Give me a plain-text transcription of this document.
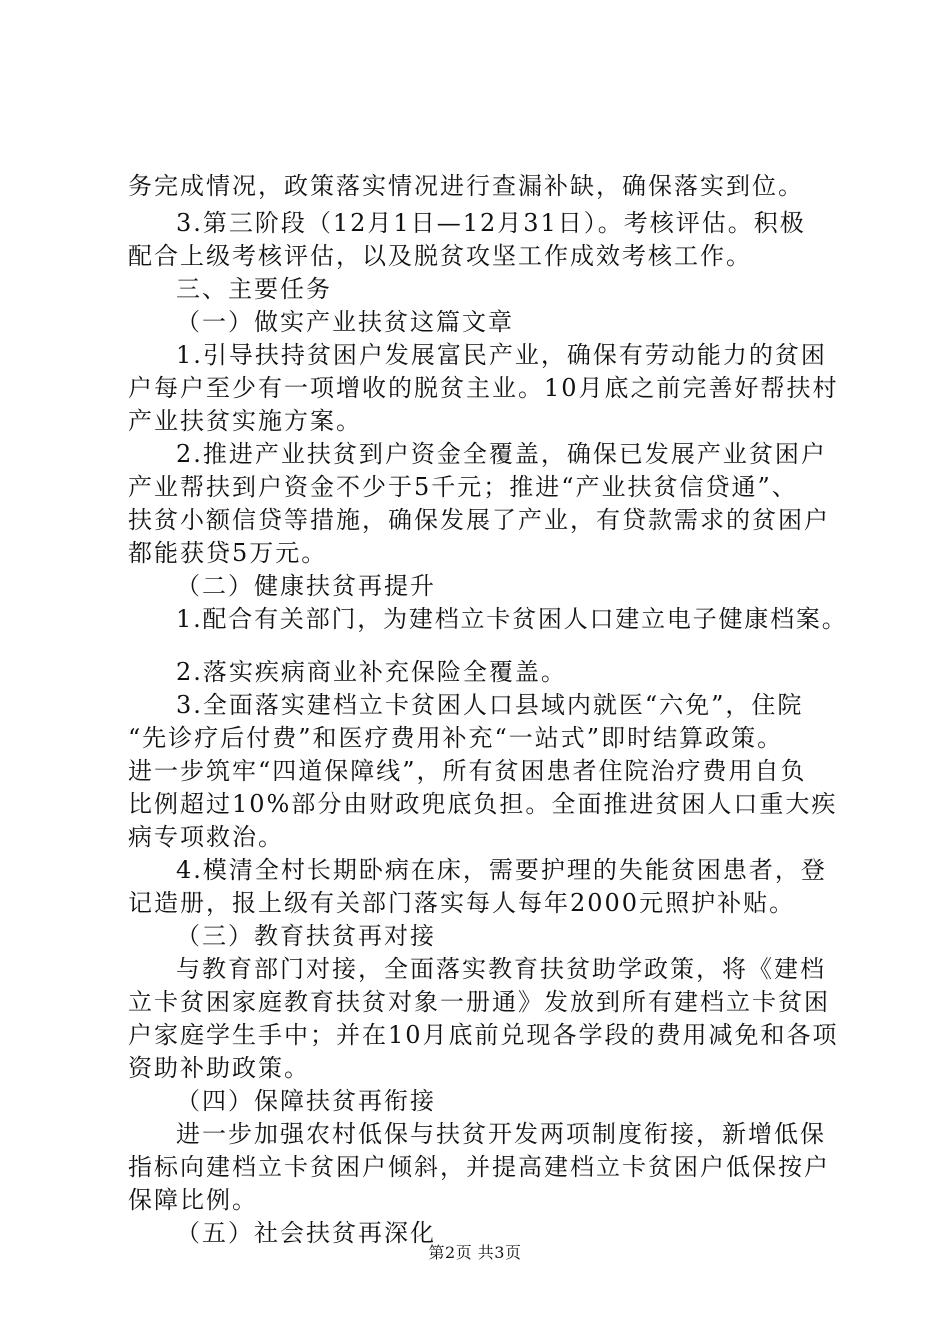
务完成情况，政策落实情况进行查漏补缺，确保落实到位。
3.第三阶段（12月1日—12月31日）。考核评估。积极
配合上级考核评估，以及脱贫攻坚工作成效考核工作。
三、主要任务
（一）做实产业扶贫这篇文章
1.引导扶持贫困户发展富民产业，确保有劳动能力的贫困
户每户至少有一项增收的脱贫主业。10月底之前完善好帮扶村
产业扶贫实施方案。
2.推进产业扶贫到户资金全覆盖，确保已发展产业贫困户
产业帮扶到户资金不少于5千元；推进“产业扶贫信贷通”、
扶贫小额信贷等措施，确保发展了产业，有贷款需求的贫困户
都能获贷5万元。
（二）健康扶贫再提升
1.配合有关部门，为建档立卡贫困人口建立电子健康档案。
2.落实疾病商业补充保险全覆盖。
3.全面落实建档立卡贫困人口县域内就医“六免”，住院
“先诊疗后付费”和医疗费用补充“一站式”即时结算政策。
进一步筑牢“四道保障线”，所有贫困患者住院治疗费用自负
比例超过10%部分由财政兜底负担。全面推进贫困人口重大疾
病专项救治。
4.模清全村长期卧病在床，需要护理的失能贫困患者，登
记造册，报上级有关部门落实每人每年2000元照护补贴。
（三）教育扶贫再对接
与教育部门对接，全面落实教育扶贫助学政策，将《建档
立卡贫困家庭教育扶贫对象一册通》发放到所有建档立卡贫困
户家庭学生手中；并在10月底前兑现各学段的费用减免和各项
资助补助政策。
（四）保障扶贫再衔接
进一步加强农村低保与扶贫开发两项制度衔接，新增低保
指标向建档立卡贫困户倾斜，并提高建档立卡贫困户低保按户
保障比例。
（五）社会扶贫再深化
第2页 共3页
